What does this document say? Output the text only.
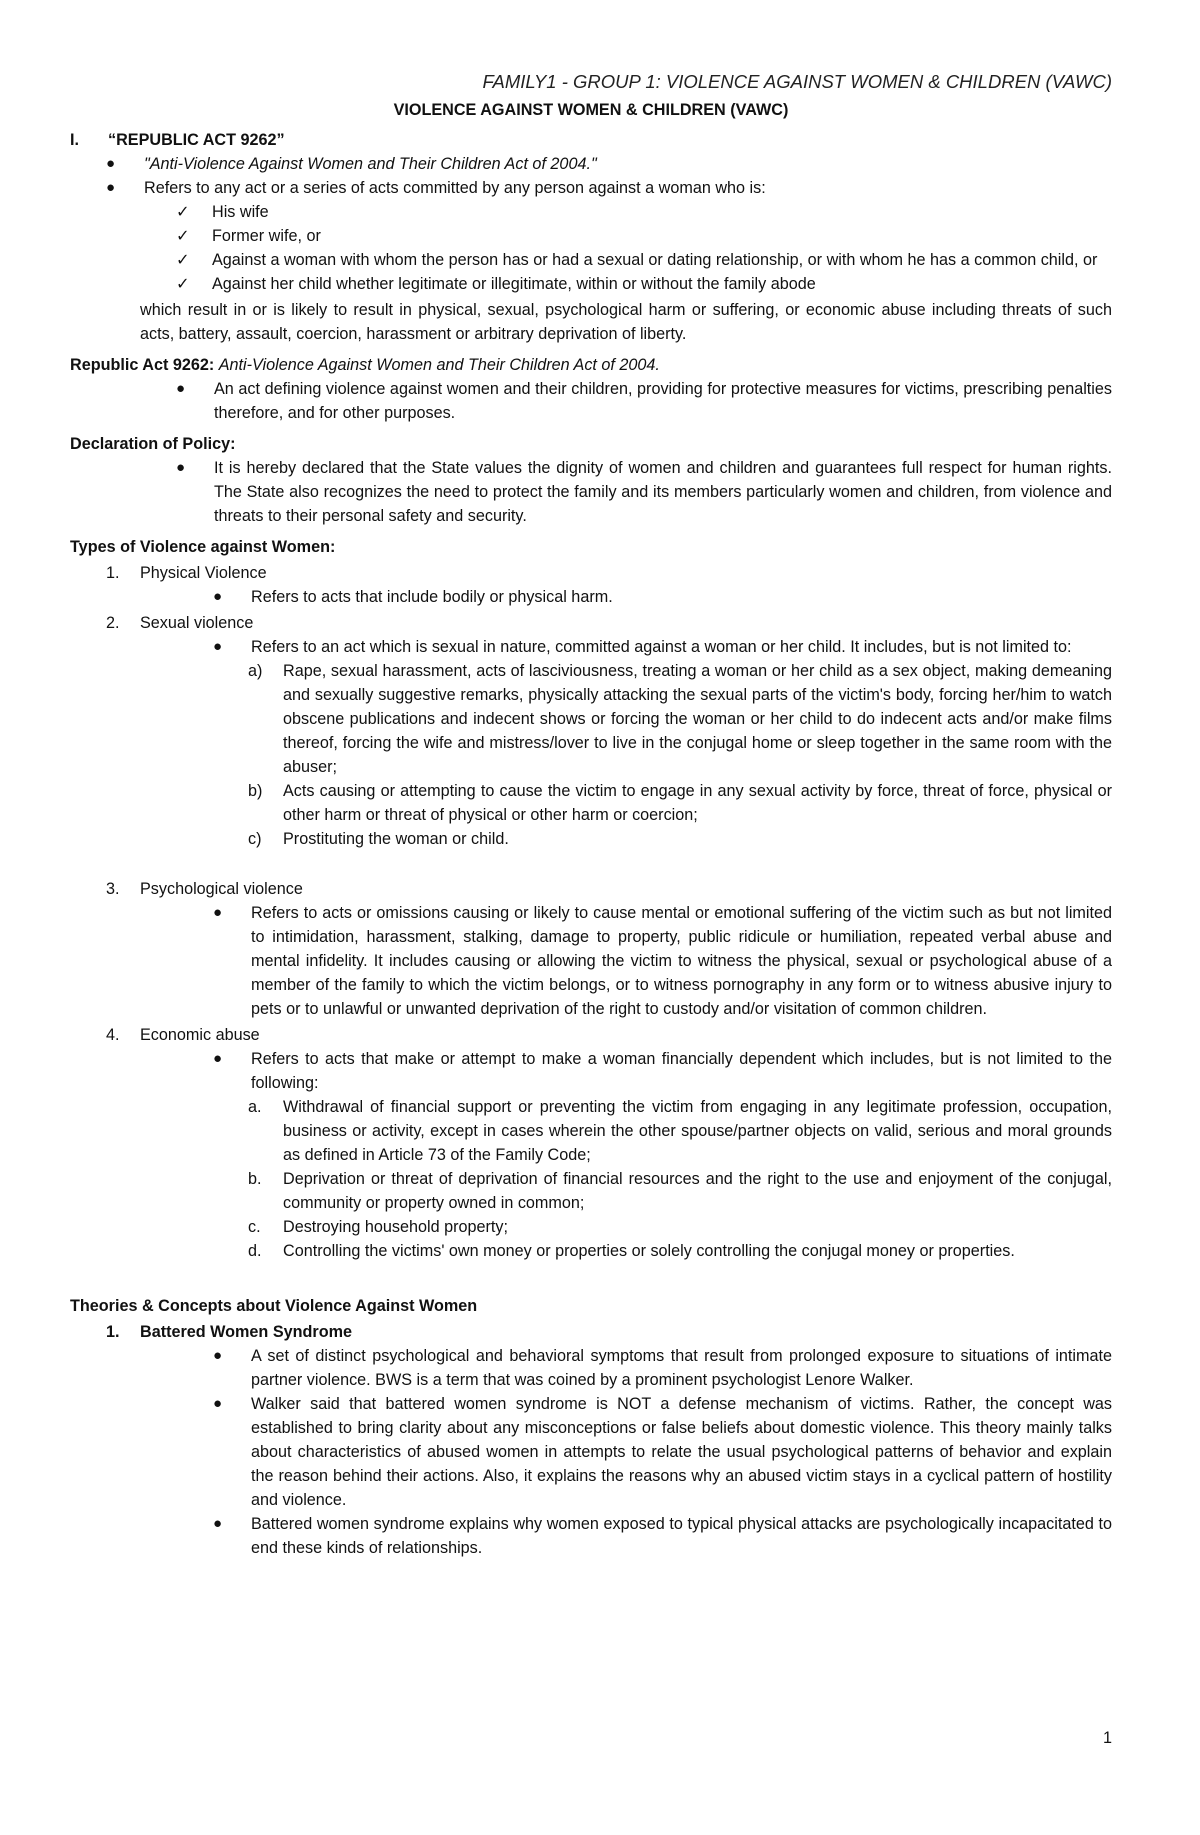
FAMILY1 - GROUP 1: VIOLENCE AGAINST WOMEN & CHILDREN (VAWC)

VIOLENCE AGAINST WOMEN & CHILDREN (VAWC)

I.	“REPUBLIC ACT 9262”
●	"Anti-Violence Against Women and Their Children Act of 2004."
●	Refers to any act or a series of acts committed by any person against a woman who is:
✓	His wife
✓	Former wife, or
✓	Against a woman with whom the person has or had a sexual or dating relationship, or with whom he has a common child, or
✓	Against her child whether legitimate or illegitimate, within or without the family abode

which result in or is likely to result in physical, sexual, psychological harm or suffering, or economic abuse including threats of such acts, battery, assault, coercion, harassment or arbitrary deprivation of liberty.

Republic Act 9262: Anti-Violence Against Women and Their Children Act of 2004.

●	An act defining violence against women and their children, providing for protective measures for victims, prescribing penalties therefore, and for other purposes.

Declaration of Policy:

●	It is hereby declared that the State values the dignity of women and children and guarantees full respect for human rights. The State also recognizes the need to protect the family and its members particularly women and children, from violence and threats to their personal safety and security.

Types of Violence against Women:

1.	Physical Violence
●	Refers to acts that include bodily or physical harm.
2.	Sexual violence
●	Refers to an act which is sexual in nature, committed against a woman or her child. It includes, but is not limited to:
a)	Rape, sexual harassment, acts of lasciviousness, treating a woman or her child as a sex object, making demeaning and sexually suggestive remarks, physically attacking the sexual parts of the victim's body, forcing her/him to watch obscene publications and indecent shows or forcing the woman or her child to do indecent acts and/or make films thereof, forcing the wife and mistress/lover to live in the conjugal home or sleep together in the same room with the abuser;
b)	Acts causing or attempting to cause the victim to engage in any sexual activity by force, threat of force, physical or other harm or threat of physical or other harm or coercion;
c)	Prostituting the woman or child.
3.	Psychological violence
●	Refers to acts or omissions causing or likely to cause mental or emotional suffering of the victim such as but not limited to intimidation, harassment, stalking, damage to property, public ridicule or humiliation, repeated verbal abuse and mental infidelity. It includes causing or allowing the victim to witness the physical, sexual or psychological abuse of a member of the family to which the victim belongs, or to witness pornography in any form or to witness abusive injury to pets or to unlawful or unwanted deprivation of the right to custody and/or visitation of common children.
4.	Economic abuse
●	Refers to acts that make or attempt to make a woman financially dependent which includes, but is not limited to the following:
a.	Withdrawal of financial support or preventing the victim from engaging in any legitimate profession, occupation, business or activity, except in cases wherein the other spouse/partner objects on valid, serious and moral grounds as defined in Article 73 of the Family Code;
b.	Deprivation or threat of deprivation of financial resources and the right to the use and enjoyment of the conjugal, community or property owned in common;
c.	Destroying household property;
d.	Controlling the victims' own money or properties or solely controlling the conjugal money or properties.

Theories & Concepts about Violence Against Women

1.	Battered Women Syndrome
●	A set of distinct psychological and behavioral symptoms that result from prolonged exposure to situations of intimate partner violence. BWS is a term that was coined by a prominent psychologist Lenore Walker.
●	Walker said that battered women syndrome is NOT a defense mechanism of victims. Rather, the concept was established to bring clarity about any misconceptions or false beliefs about domestic violence. This theory mainly talks about characteristics of abused women in attempts to relate the usual psychological patterns of behavior and explain the reason behind their actions. Also, it explains the reasons why an abused victim stays in a cyclical pattern of hostility and violence.
●	Battered women syndrome explains why women exposed to typical physical attacks are psychologically incapacitated to end these kinds of relationships.
1
